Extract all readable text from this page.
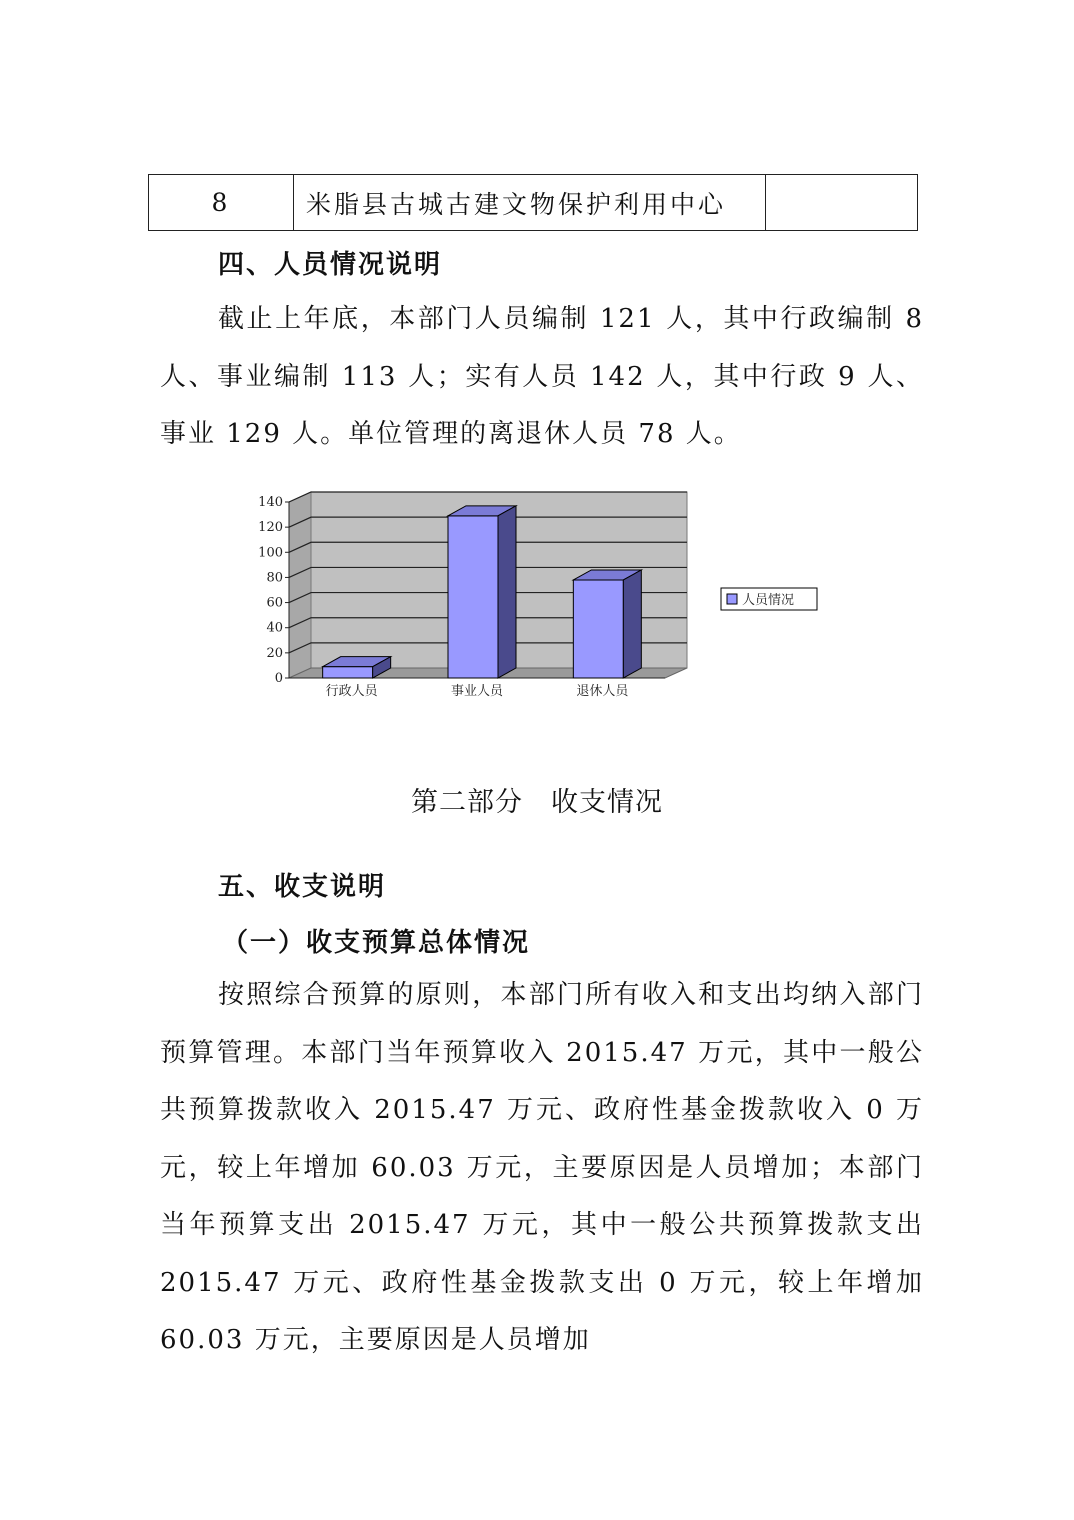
8	米脂县古城古建文物保护利用中心
四、人员情况说明

截止上年底，本部门人员编制 121 人，其中行政编制 8 人、事业编制 113 人；实有人员 142 人，其中行政 9 人、事业 129 人。单位管理的离退休人员 78 人。

0
20
40
60
80
100
120
140
行政人员	事业人员	退休人员
人员情况
第二部分　收支情况
五、收支说明
（一）收支预算总体情况

按照综合预算的原则，本部门所有收入和支出均纳入部门预算管理。本部门当年预算收入 2015.47 万元，其中一般公共预算拨款收入 2015.47 万元、政府性基金拨款收入 0 万元，较上年增加 60.03 万元，主要原因是人员增加；本部门当年预算支出 2015.47 万元，其中一般公共预算拨款支出 2015.47 万元、政府性基金拨款支出 0 万元，较上年增加 60.03 万元，主要原因是人员增加
